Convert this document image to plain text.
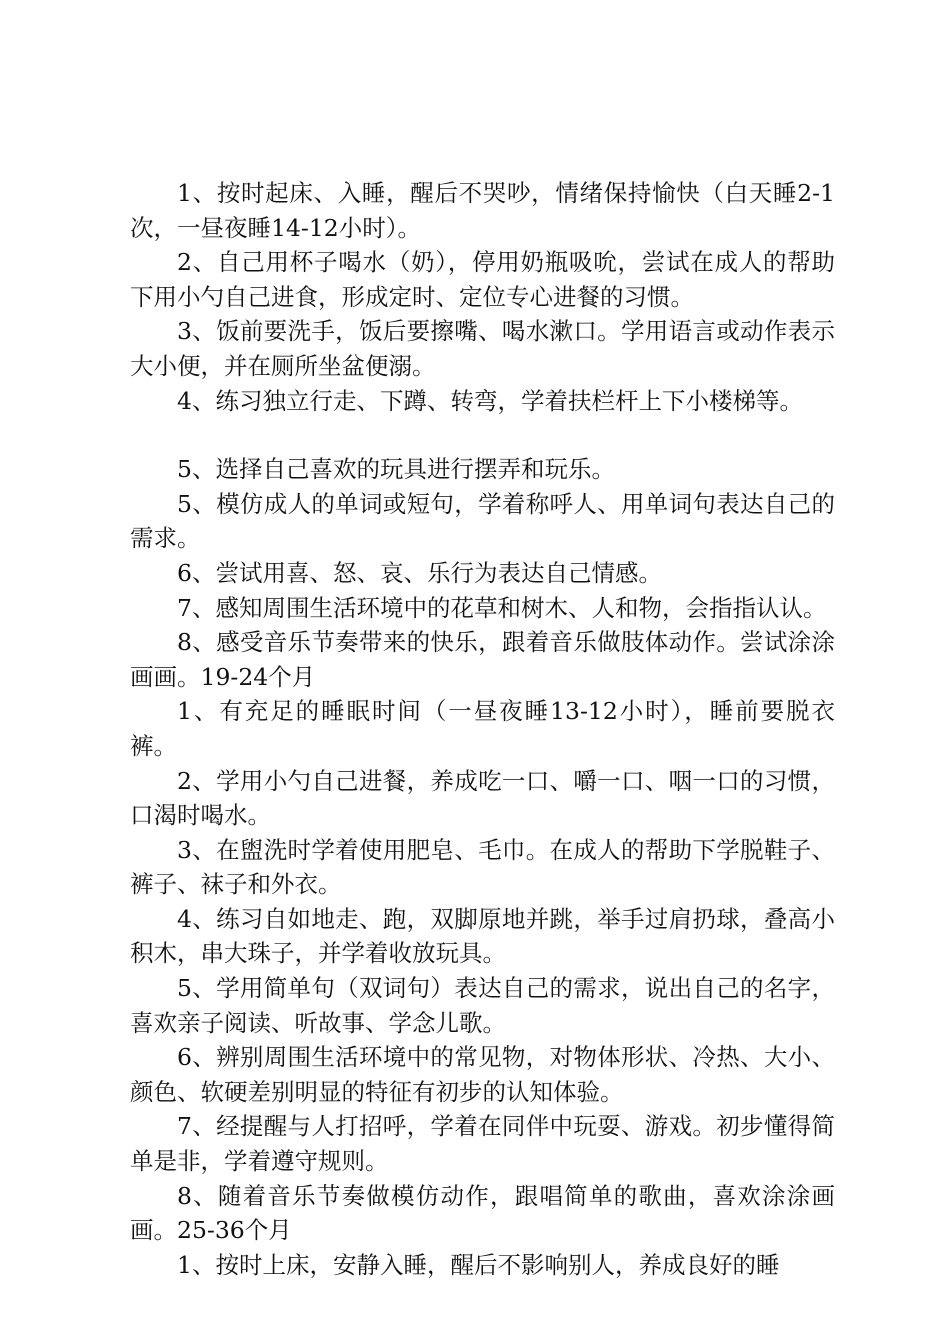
1、按时起床、入睡，醒后不哭吵，情绪保持愉快（白天睡2-1次，一昼夜睡14-12小时）。

2、自己用杯子喝水（奶），停用奶瓶吸吮，尝试在成人的帮助下用小勺自己进食，形成定时、定位专心进餐的习惯。

3、饭前要洗手，饭后要擦嘴、喝水漱口。学用语言或动作表示大小便，并在厕所坐盆便溺。

4、练习独立行走、下蹲、转弯，学着扶栏杆上下小楼梯等。

5、选择自己喜欢的玩具进行摆弄和玩乐。

5、模仿成人的单词或短句，学着称呼人、用单词句表达自己的需求。

6、尝试用喜、怒、哀、乐行为表达自己情感。

7、感知周围生活环境中的花草和树木、人和物，会指指认认。

8、感受音乐节奏带来的快乐，跟着音乐做肢体动作。尝试涂涂画画。19-24个月

1、有充足的睡眠时间（一昼夜睡13-12小时），睡前要脱衣裤。

2、学用小勺自己进餐，养成吃一口、嚼一口、咽一口的习惯，口渴时喝水。

3、在盥洗时学着使用肥皂、毛巾。在成人的帮助下学脱鞋子、裤子、袜子和外衣。

4、练习自如地走、跑，双脚原地并跳，举手过肩扔球，叠高小积木，串大珠子，并学着收放玩具。

5、学用简单句（双词句）表达自己的需求，说出自己的名字，喜欢亲子阅读、听故事、学念儿歌。

6、辨别周围生活环境中的常见物，对物体形状、冷热、大小、颜色、软硬差别明显的特征有初步的认知体验。

7、经提醒与人打招呼，学着在同伴中玩耍、游戏。初步懂得简单是非，学着遵守规则。

8、随着音乐节奏做模仿动作，跟唱简单的歌曲，喜欢涂涂画画。25-36个月

1、按时上床，安静入睡，醒后不影响别人，养成良好的睡
